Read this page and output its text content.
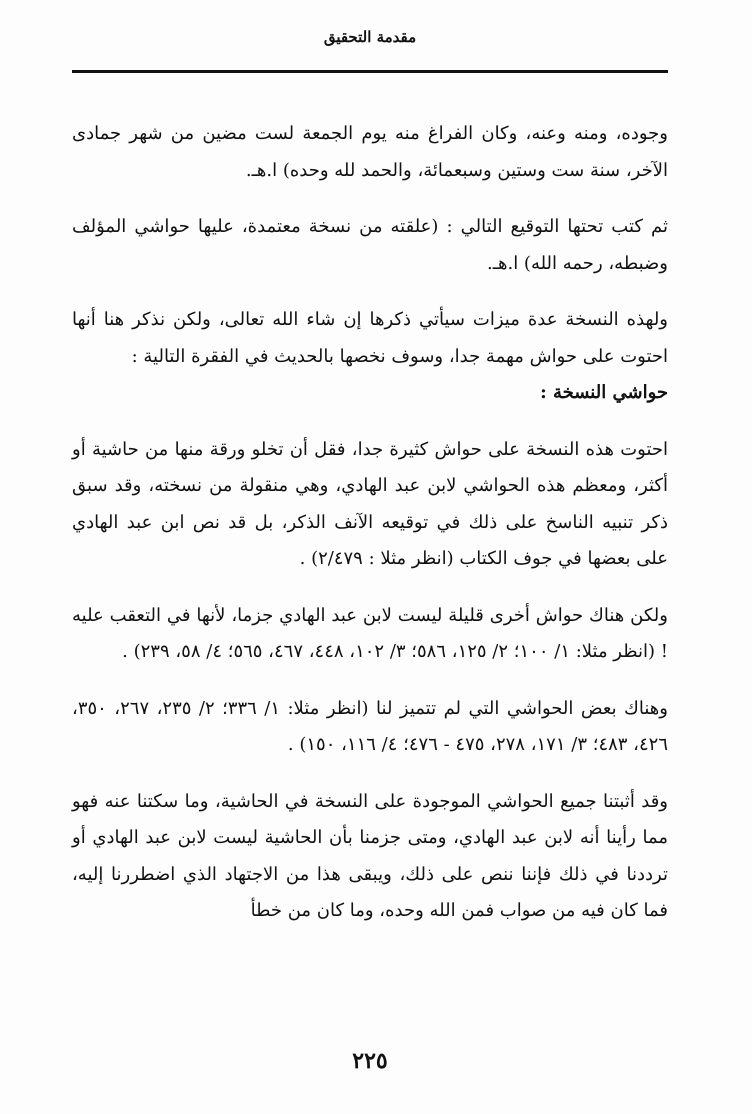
مقدمة التحقيق

وجوده، ومنه وعنه، وكان الفراغ منه يوم الجمعة لست مضين من شهر جمادى الآخر، سنة ست وستين وسبعمائة، والحمد لله وحده) ا.هـ.

ثم كتب تحتها التوقيع التالي : (علقته من نسخة معتمدة، عليها حواشي المؤلف وضبطه، رحمه الله) ا.هـ.

ولهذه النسخة عدة ميزات سيأتي ذكرها إن شاء الله تعالى، ولكن نذكر هنا أنها احتوت على حواش مهمة جدا، وسوف نخصها بالحديث في الفقرة التالية :

حواشي النسخة :

احتوت هذه النسخة على حواش كثيرة جدا، فقل أن تخلو ورقة منها من حاشية أو أكثر، ومعظم هذه الحواشي لابن عبد الهادي، وهي منقولة من نسخته، وقد سبق ذكر تنبيه الناسخ على ذلك في توقيعه الآنف الذكر، بل قد نص ابن عبد الهادي على بعضها في جوف الكتاب (انظر مثلا : ٢/٤٧٩) .

ولكن هناك حواش أخرى قليلة ليست لابن عبد الهادي جزما، لأنها في التعقب عليه ! (انظر مثلا: ١/ ١٠٠؛ ٢/ ١٢٥، ٥٨٦؛ ٣/ ١٠٢، ٤٤٨، ٤٦٧، ٥٦٥؛ ٤/ ٥٨، ٢٣٩) .

وهناك بعض الحواشي التي لم تتميز لنا (انظر مثلا: ١/ ٣٣٦؛ ٢/ ٢٣٥، ٢٦٧، ٣٥٠، ٤٢٦، ٤٨٣؛ ٣/ ١٧١، ٢٧٨، ٤٧٥ - ٤٧٦؛ ٤/ ١١٦، ١٥٠) .

وقد أثبتنا جميع الحواشي الموجودة على النسخة في الحاشية، وما سكتنا عنه فهو مما رأينا أنه لابن عبد الهادي، ومتى جزمنا بأن الحاشية ليست لابن عبد الهادي أو ترددنا في ذلك فإننا ننص على ذلك، ويبقى هذا من الاجتهاد الذي اضطررنا إليه، فما كان فيه من صواب فمن الله وحده، وما كان من خطأ

٢٢٥
